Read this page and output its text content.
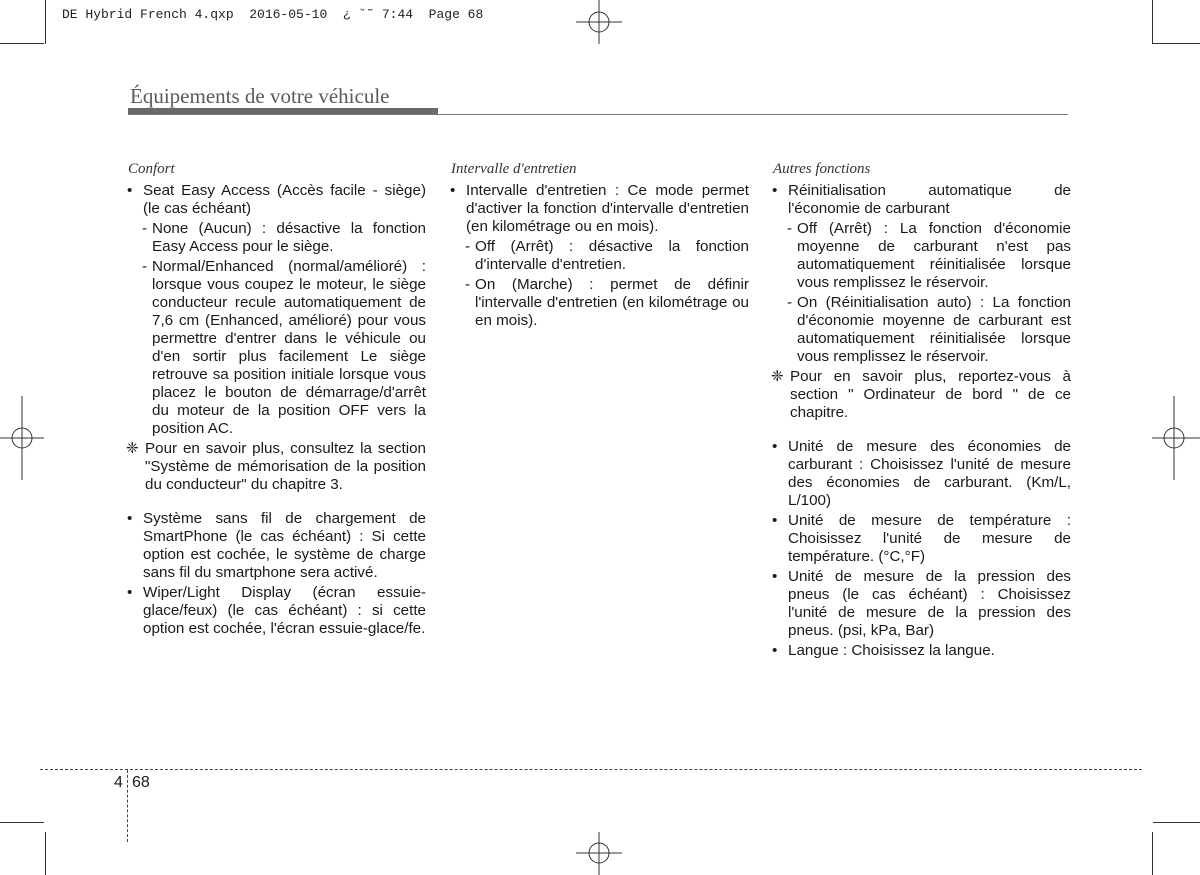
DE Hybrid French 4.qxp  2016-05-10  ¿ ˘˜ 7:44  Page 68
Équipements de votre véhicule
Confort
• Seat Easy Access (Accès facile - siège) (le cas échéant)
- None (Aucun) : désactive la fonction Easy Access pour le siège.
- Normal/Enhanced (normal/amélioré) : lorsque vous coupez le moteur, le siège conducteur recule automatiquement de 7,6 cm (Enhanced, amélioré) pour vous permettre d'entrer dans le véhicule ou d'en sortir plus facilement Le siège retrouve sa position initiale lorsque vous placez le bouton de démarrage/d'arrêt du moteur de la position OFF vers la position AC.
❈ Pour en savoir plus, consultez la section "Système de mémorisation de la position du conducteur" du chapitre 3.
• Système sans fil de chargement de SmartPhone (le cas échéant) : Si cette option est cochée, le système de charge sans fil du smartphone sera activé.
• Wiper/Light Display (écran essuie-glace/feux) (le cas échéant) : si cette option est cochée, l'écran essuie-glace/fe.
Intervalle d'entretien
• Intervalle d'entretien : Ce mode permet d'activer la fonction d'intervalle d'entretien (en kilométrage ou en mois).
- Off (Arrêt) : désactive la fonction d'intervalle d'entretien.
- On (Marche) : permet de définir l'intervalle d'entretien (en kilométrage ou en mois).
Autres fonctions
• Réinitialisation automatique de l'économie de carburant
- Off (Arrêt) : La fonction d'économie moyenne de carburant n'est pas automatiquement réinitialisée lorsque vous remplissez le réservoir.
- On (Réinitialisation auto) : La fonction d'économie moyenne de carburant est automatiquement réinitialisée lorsque vous remplissez le réservoir.
❈ Pour en savoir plus, reportez-vous à section " Ordinateur de bord " de ce chapitre.
• Unité de mesure des économies de carburant : Choisissez l'unité de mesure des économies de carburant. (Km/L, L/100)
• Unité de mesure de température : Choisissez l'unité de mesure de température. (°C,°F)
• Unité de mesure de la pression des pneus (le cas échéant) : Choisissez l'unité de mesure de la pression des pneus. (psi, kPa, Bar)
• Langue : Choisissez la langue.
4 68
